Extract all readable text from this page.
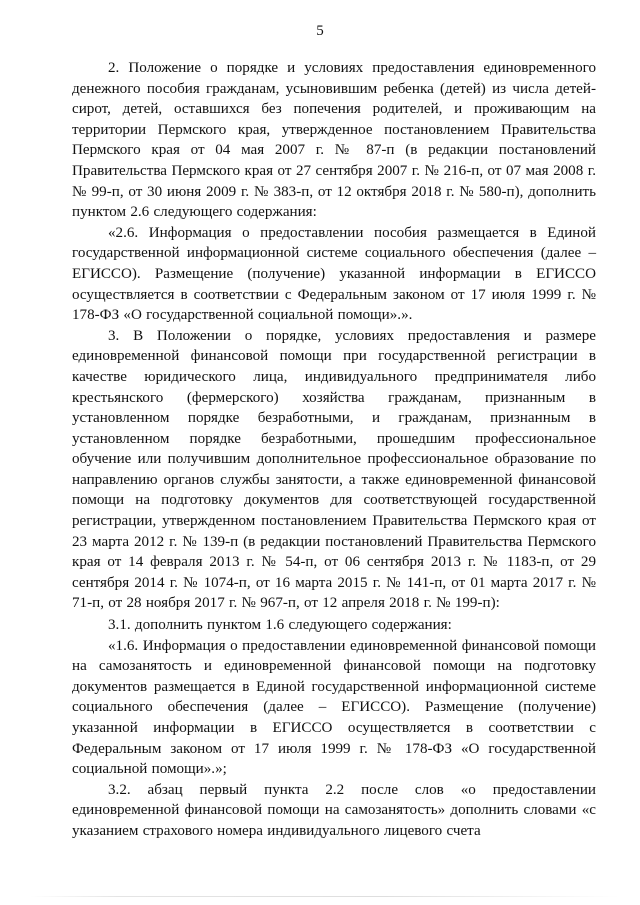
5

2. Положение о порядке и условиях предоставления единовременного денежного пособия гражданам, усыновившим ребенка (детей) из числа детей-сирот, детей, оставшихся без попечения родителей, и проживающим на территории Пермского края, утвержденное постановлением Правительства Пермского края от 04 мая 2007 г. № 87-п (в редакции постановлений Правительства Пермского края от 27 сентября 2007 г. № 216-п, от 07 мая 2008 г. № 99-п, от 30 июня 2009 г. № 383-п, от 12 октября 2018 г. № 580-п), дополнить пунктом 2.6 следующего содержания:

«2.6. Информация о предоставлении пособия размещается в Единой государственной информационной системе социального обеспечения (далее – ЕГИССО). Размещение (получение) указанной информации в ЕГИССО осуществляется в соответствии с Федеральным законом от 17 июля 1999 г. № 178-ФЗ «О государственной социальной помощи».».

3. В Положении о порядке, условиях предоставления и размере единовременной финансовой помощи при государственной регистрации в качестве юридического лица, индивидуального предпринимателя либо крестьянского (фермерского) хозяйства гражданам, признанным в установленном порядке безработными, и гражданам, признанным в установленном порядке безработными, прошедшим профессиональное обучение или получившим дополнительное профессиональное образование по направлению органов службы занятости, а также единовременной финансовой помощи на подготовку документов для соответствующей государственной регистрации, утвержденном постановлением Правительства Пермского края от 23 марта 2012 г. № 139-п (в редакции постановлений Правительства Пермского края от 14 февраля 2013 г. № 54-п, от 06 сентября 2013 г. № 1183-п, от 29 сентября 2014 г. № 1074-п, от 16 марта 2015 г. № 141-п, от 01 марта 2017 г. № 71-п, от 28 ноября 2017 г. № 967-п, от 12 апреля 2018 г. № 199-п):

3.1. дополнить пунктом 1.6 следующего содержания:

«1.6. Информация о предоставлении единовременной финансовой помощи на самозанятость и единовременной финансовой помощи на подготовку документов размещается в Единой государственной информационной системе социального обеспечения (далее – ЕГИССО). Размещение (получение) указанной информации в ЕГИССО осуществляется в соответствии с Федеральным законом от 17 июля 1999 г. № 178-ФЗ «О государственной социальной помощи».»;

3.2. абзац первый пункта 2.2 после слов «о предоставлении единовременной финансовой помощи на самозанятость» дополнить словами «с указанием страхового номера индивидуального лицевого счета
